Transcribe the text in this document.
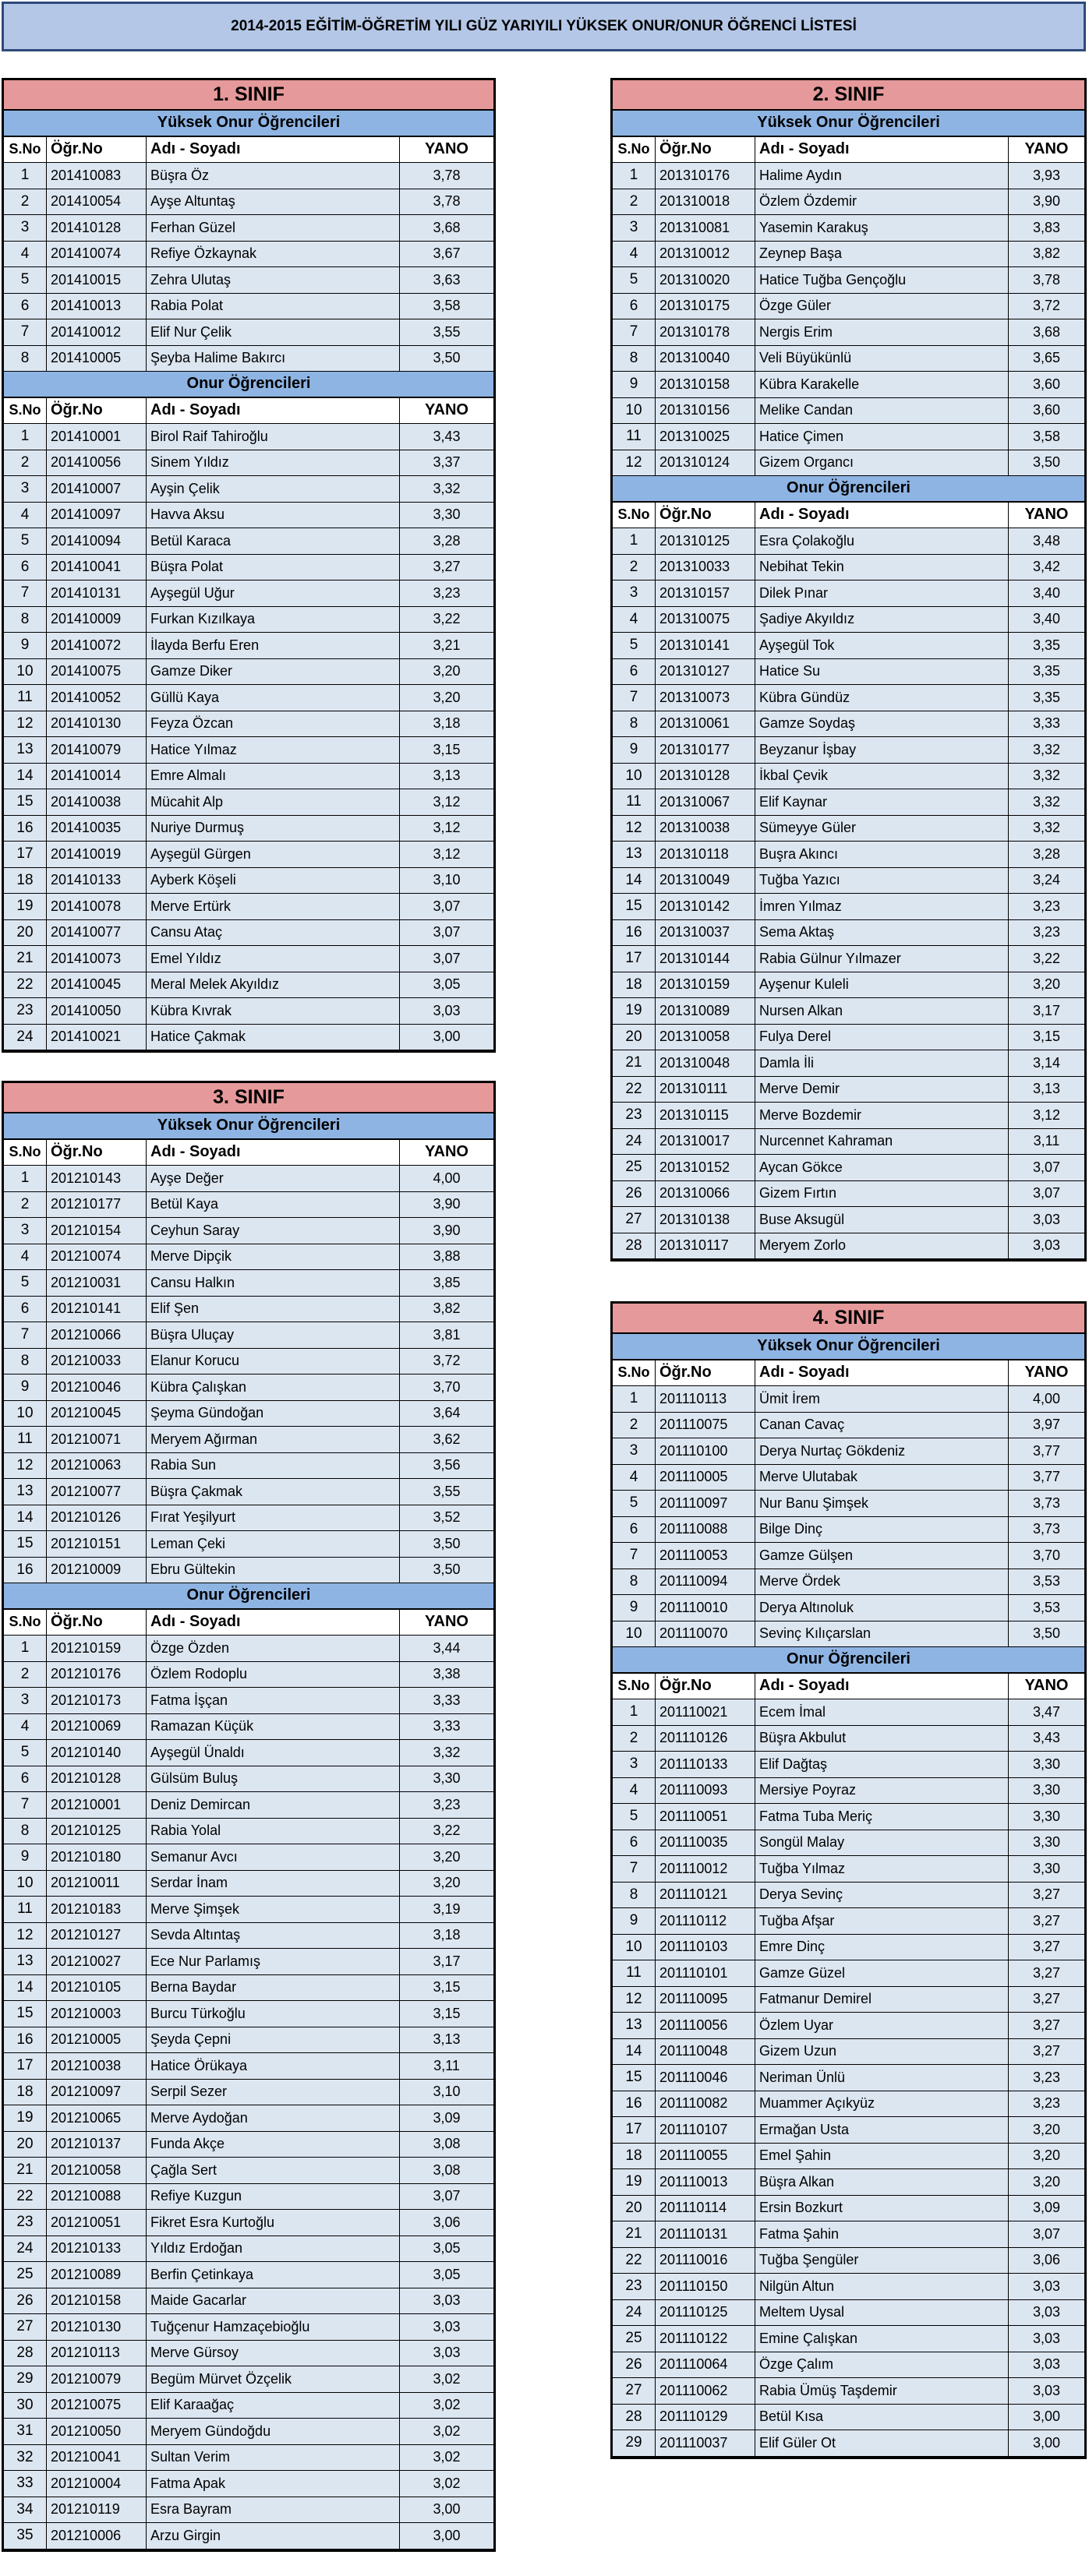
2014-2015 EĞİTİM-ÖĞRETİM YILI GÜZ YARIYILI YÜKSEK ONUR/ONUR ÖĞRENCİ LİSTESİ
1. SINIF
Yüksek Onur Öğrencileri
S.No Öğr.No	Adı - Soyadı	YANO
1	201410083	Büşra Öz	3,78
2	201410054	Ayşe Altuntaş	3,78
3	201410128	Ferhan Güzel	3,68
4	201410074	Refiye Özkaynak	3,67
5	201410015	Zehra Ulutaş	3,63
6	201410013	Rabia Polat	3,58
7	201410012	Elif Nur Çelik	3,55
8	201410005	Şeyba Halime Bakırcı	3,50
Onur Öğrencileri
S.No Öğr.No	Adı - Soyadı	YANO
1	201410001	Birol Raif Tahiroğlu	3,43
2	201410056	Sinem Yıldız	3,37
3	201410007	Ayşin Çelik	3,32
4	201410097	Havva Aksu	3,30
5	201410094	Betül Karaca	3,28
6	201410041	Büşra Polat	3,27
7	201410131	Ayşegül Uğur	3,23
8	201410009	Furkan Kızılkaya	3,22
9	201410072	İlayda Berfu Eren	3,21
10	201410075	Gamze Diker	3,20
11	201410052	Güllü Kaya	3,20
12	201410130	Feyza Özcan	3,18
13	201410079	Hatice Yılmaz	3,15
14	201410014	Emre Almalı	3,13
15	201410038	Mücahit Alp	3,12
16	201410035	Nuriye Durmuş	3,12
17	201410019	Ayşegül Gürgen	3,12
18	201410133	Ayberk Köşeli	3,10
19	201410078	Merve Ertürk	3,07
20	201410077	Cansu Ataç	3,07
21	201410073	Emel Yıldız	3,07
22	201410045	Meral Melek Akyıldız	3,05
23	201410050	Kübra Kıvrak	3,03
24	201410021	Hatice Çakmak	3,00
2. SINIF
Yüksek Onur Öğrencileri
S.No Öğr.No	Adı - Soyadı	YANO
1	201310176	Halime Aydın	3,93
2	201310018	Özlem Özdemir	3,90
3	201310081	Yasemin Karakuş	3,83
4	201310012	Zeynep Başa	3,82
5	201310020	Hatice Tuğba Gençoğlu	3,78
6	201310175	Özge Güler	3,72
7	201310178	Nergis Erim	3,68
8	201310040	Veli Büyükünlü	3,65
9	201310158	Kübra Karakelle	3,60
10	201310156	Melike Candan	3,60
11	201310025	Hatice Çimen	3,58
12	201310124	Gizem Organcı	3,50
Onur Öğrencileri
S.No Öğr.No	Adı - Soyadı	YANO
1	201310125	Esra Çolakoğlu	3,48
2	201310033	Nebihat Tekin	3,42
3	201310157	Dilek Pınar	3,40
4	201310075	Şadiye Akyıldız	3,40
5	201310141	Ayşegül Tok	3,35
6	201310127	Hatice Su	3,35
7	201310073	Kübra Gündüz	3,35
8	201310061	Gamze Soydaş	3,33
9	201310177	Beyzanur İşbay	3,32
10	201310128	İkbal Çevik	3,32
11	201310067	Elif Kaynar	3,32
12	201310038	Sümeyye Güler	3,32
13	201310118	Buşra Akıncı	3,28
14	201310049	Tuğba Yazıcı	3,24
15	201310142	İmren Yılmaz	3,23
16	201310037	Sema Aktaş	3,23
17	201310144	Rabia Gülnur Yılmazer	3,22
18	201310159	Ayşenur Kuleli	3,20
19	201310089	Nursen Alkan	3,17
20	201310058	Fulya Derel	3,15
21	201310048	Damla İli	3,14
22	201310111	Merve Demir	3,13
23	201310115	Merve Bozdemir	3,12
24	201310017	Nurcennet Kahraman	3,11
25	201310152	Aycan Gökce	3,07
26	201310066	Gizem Fırtın	3,07
27	201310138	Buse Aksugül	3,03
28	201310117	Meryem Zorlo	3,03
3. SINIF
Yüksek Onur Öğrencileri
S.No Öğr.No	Adı - Soyadı	YANO
1	201210143	Ayşe Değer	4,00
2	201210177	Betül Kaya	3,90
3	201210154	Ceyhun Saray	3,90
4	201210074	Merve Dipçik	3,88
5	201210031	Cansu Halkın	3,85
6	201210141	Elif Şen	3,82
7	201210066	Büşra Uluçay	3,81
8	201210033	Elanur Korucu	3,72
9	201210046	Kübra Çalışkan	3,70
10	201210045	Şeyma Gündoğan	3,64
11	201210071	Meryem Ağırman	3,62
12	201210063	Rabia Sun	3,56
13	201210077	Büşra Çakmak	3,55
14	201210126	Fırat Yeşilyurt	3,52
15	201210151	Leman Çeki	3,50
16	201210009	Ebru Gültekin	3,50
Onur Öğrencileri
S.No Öğr.No	Adı - Soyadı	YANO
1	201210159	Özge Özden	3,44
2	201210176	Özlem Rodoplu	3,38
3	201210173	Fatma İşçan	3,33
4	201210069	Ramazan Küçük	3,33
5	201210140	Ayşegül Ünaldı	3,32
6	201210128	Gülsüm Buluş	3,30
7	201210001	Deniz Demircan	3,23
8	201210125	Rabia Yolal	3,22
9	201210180	Semanur Avcı	3,20
10	201210011	Serdar İnam	3,20
11	201210183	Merve Şimşek	3,19
12	201210127	Sevda Altıntaş	3,18
13	201210027	Ece Nur Parlamış	3,17
14	201210105	Berna Baydar	3,15
15	201210003	Burcu Türkoğlu	3,15
16	201210005	Şeyda Çepni	3,13
17	201210038	Hatice Örükaya	3,11
18	201210097	Serpil Sezer	3,10
19	201210065	Merve Aydoğan	3,09
20	201210137	Funda Akçe	3,08
21	201210058	Çağla Sert	3,08
22	201210088	Refiye Kuzgun	3,07
23	201210051	Fikret Esra Kurtoğlu	3,06
24	201210133	Yıldız Erdoğan	3,05
25	201210089	Berfin Çetinkaya	3,05
26	201210158	Maide Gacarlar	3,03
27	201210130	Tuğçenur Hamzaçebioğlu	3,03
28	201210113	Merve Gürsoy	3,03
29	201210079	Begüm Mürvet Özçelik	3,02
30	201210075	Elif Karaağaç	3,02
31	201210050	Meryem Gündoğdu	3,02
32	201210041	Sultan Verim	3,02
33	201210004	Fatma Apak	3,02
34	201210119	Esra Bayram	3,00
35	201210006	Arzu Girgin	3,00
4. SINIF
Yüksek Onur Öğrencileri
S.No Öğr.No	Adı - Soyadı	YANO
1	201110113	Ümit İrem	4,00
2	201110075	Canan Cavaç	3,97
3	201110100	Derya Nurtaç Gökdeniz	3,77
4	201110005	Merve Ulutabak	3,77
5	201110097	Nur Banu Şimşek	3,73
6	201110088	Bilge Dinç	3,73
7	201110053	Gamze Gülşen	3,70
8	201110094	Merve Ördek	3,53
9	201110010	Derya Altınoluk	3,53
10	201110070	Sevinç Kılıçarslan	3,50
Onur Öğrencileri
S.No Öğr.No	Adı - Soyadı	YANO
1	201110021	Ecem İmal	3,47
2	201110126	Büşra Akbulut	3,43
3	201110133	Elif Dağtaş	3,30
4	201110093	Mersiye Poyraz	3,30
5	201110051	Fatma Tuba Meriç	3,30
6	201110035	Songül Malay	3,30
7	201110012	Tuğba Yılmaz	3,30
8	201110121	Derya Sevinç	3,27
9	201110112	Tuğba Afşar	3,27
10	201110103	Emre Dinç	3,27
11	201110101	Gamze Güzel	3,27
12	201110095	Fatmanur Demirel	3,27
13	201110056	Özlem Uyar	3,27
14	201110048	Gizem Uzun	3,27
15	201110046	Neriman Ünlü	3,23
16	201110082	Muammer Açıkyüz	3,23
17	201110107	Ermağan Usta	3,20
18	201110055	Emel Şahin	3,20
19	201110013	Büşra Alkan	3,20
20	201110114	Ersin Bozkurt	3,09
21	201110131	Fatma Şahin	3,07
22	201110016	Tuğba Şengüler	3,06
23	201110150	Nilgün Altun	3,03
24	201110125	Meltem Uysal	3,03
25	201110122	Emine Çalışkan	3,03
26	201110064	Özge Çalım	3,03
27	201110062	Rabia Ümüş Taşdemir	3,03
28	201110129	Betül Kısa	3,00
29	201110037	Elif Güler Ot	3,00
